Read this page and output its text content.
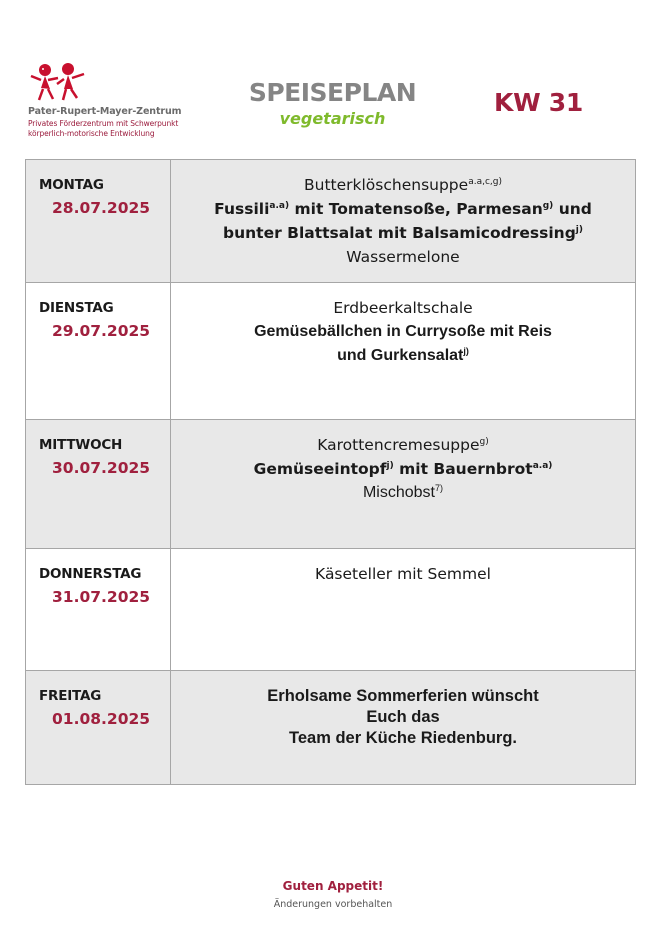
Pater-Rupert-Mayer-Zentrum
Privates Förderzentrum mit Schwerpunkt
körperlich-motorische Entwicklung
SPEISEPLAN
vegetarisch
KW 31
MONTAG
28.07.2025
Butterklöschensuppe$^{a.a,c,g)}$
Fussili$^{a.a)}$ mit Tomatensoße, Parmesan$^{g)}$ und
bunter Blattsalat mit Balsamicodressing$^{j)}$
Wassermelone
DIENSTAG
29.07.2025
Erdbeerkaltschale
Gemüsebällchen in Currysoße mit Reis
und Gurkensalat$^{j)}$
MITTWOCH
30.07.2025
Karottencremesuppe$^{g)}$
Gemüseeintopf$^{j)}$ mit Bauernbrot$^{a.a)}$
Mischobst$^{7)}$
DONNERSTAG
31.07.2025
Käseteller mit Semmel
FREITAG
01.08.2025
Erholsame Sommerferien wünscht
Euch das
Team der Küche Riedenburg.
Guten Appetit!
Änderungen vorbehalten
